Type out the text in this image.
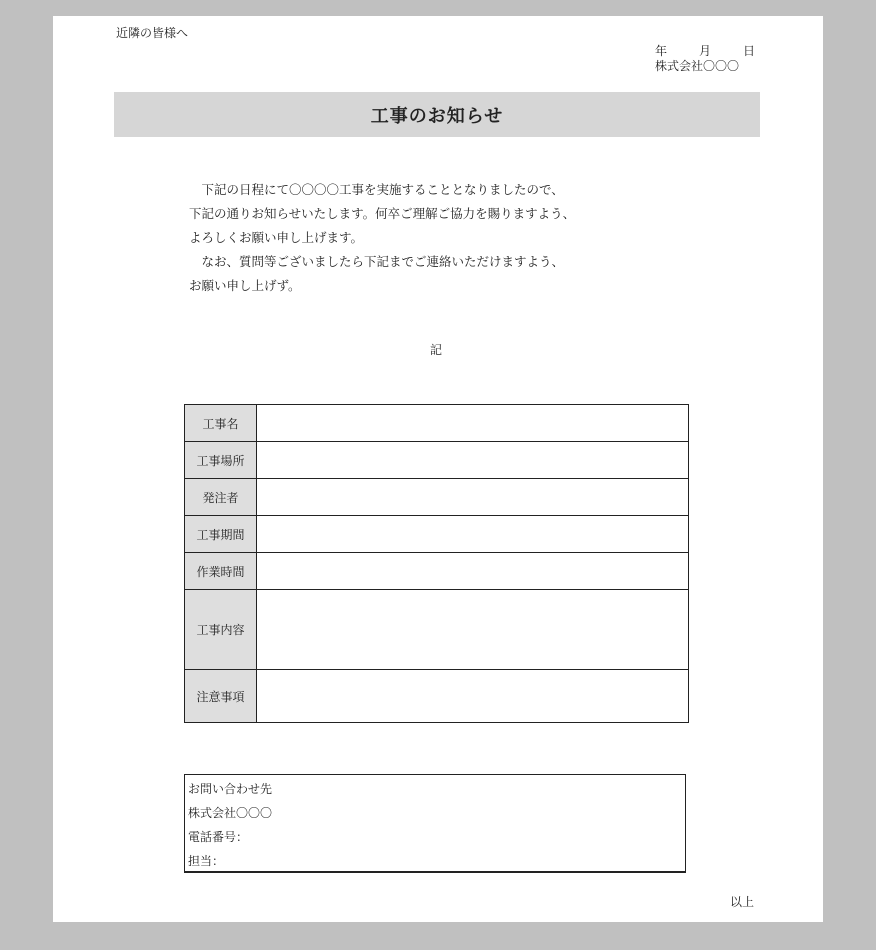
近隣の皆様へ
年	月	日
株式会社〇〇〇
工事のお知らせ
　下記の日程にて〇〇〇〇工事を実施することとなりましたので、
下記の通りお知らせいたします。何卒ご理解ご協力を賜りますよう、
よろしくお願い申し上げます。
　なお、質問等ございましたら下記までご連絡いただけますよう、
お願い申し上げず。
記
工事名	
工事場所	
発注者	
工事期間	
作業時間	
工事内容	
注意事項	
お問い合わせ先
株式会社〇〇〇
電話番号：
担当：
以上
